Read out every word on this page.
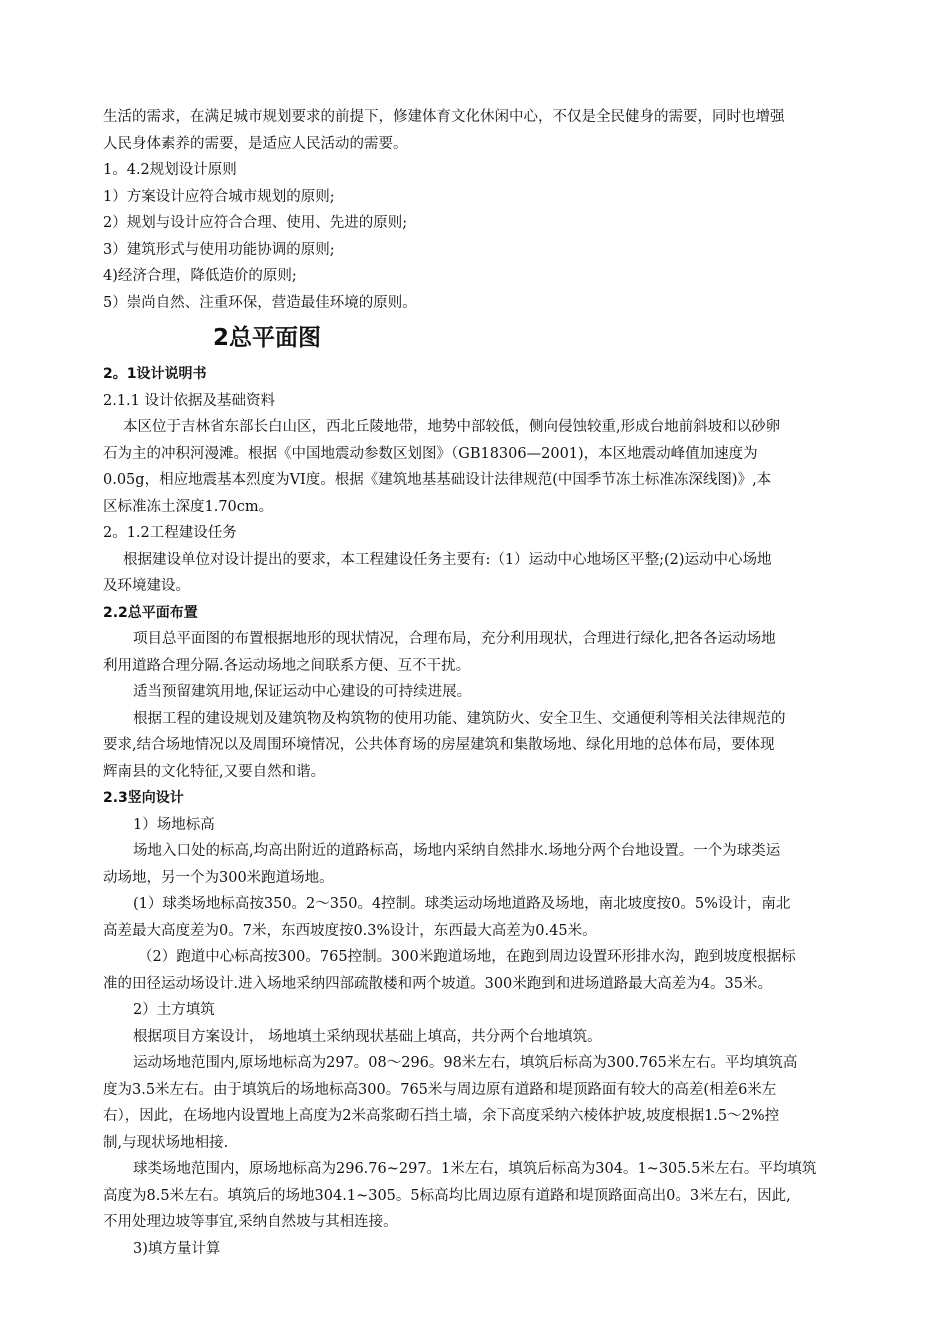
生活的需求，在满足城市规划要求的前提下，修建体育文化休闲中心，不仅是全民健身的需要，同时也增强
人民身体素养的需要，是适应人民活动的需要。
1。4.2规划设计原则
1）方案设计应符合城市规划的原则;
2）规划与设计应符合合理、使用、先进的原则;
3）建筑形式与使用功能协调的原则;
4)经济合理，降低造价的原则;
5）崇尚自然、注重环保，营造最佳环境的原则。
2总平面图
2。1设计说明书
2.1.1 设计依据及基础资料
本区位于吉林省东部长白山区，西北丘陵地带，地势中部较低，侧向侵蚀较重,形成台地前斜坡和以砂卵
石为主的冲积河漫滩。根据《中国地震动参数区划图》（GB18306—2001)，本区地震动峰值加速度为
0.05g，相应地震基本烈度为VI度。根据《建筑地基基础设计法律规范(中国季节冻土标准冻深线图)》,本
区标准冻土深度1.70cm。
2。1.2工程建设任务
根据建设单位对设计提出的要求，本工程建设任务主要有:（1）运动中心地场区平整;(2)运动中心场地
及环境建设。
2.2总平面布置
项目总平面图的布置根据地形的现状情况，合理布局，充分利用现状，合理进行绿化,把各各运动场地
利用道路合理分隔.各运动场地之间联系方便、互不干扰。
适当预留建筑用地,保证运动中心建设的可持续进展。
根据工程的建设规划及建筑物及构筑物的使用功能、建筑防火、安全卫生、交通便利等相关法律规范的
要求,结合场地情况以及周围环境情况，公共体育场的房屋建筑和集散场地、绿化用地的总体布局，要体现
辉南县的文化特征,又要自然和谐。
2.3竖向设计
1）场地标高
场地入口处的标高,均高出附近的道路标高，场地内采纳自然排水.场地分两个台地设置。一个为球类运
动场地，另一个为300米跑道场地。
(1）球类场地标高按350。2～350。4控制。球类运动场地道路及场地，南北坡度按0。5%设计，南北
高差最大高度差为0。7米，东西坡度按0.3%设计，东西最大高差为0.45米。
（2）跑道中心标高按300。765控制。300米跑道场地，在跑到周边设置环形排水沟，跑到坡度根据标
准的田径运动场设计.进入场地采纳四部疏散楼和两个坡道。300米跑到和进场道路最大高差为4。35米。
2）土方填筑
根据项目方案设计， 场地填土采纳现状基础上填高，共分两个台地填筑。
运动场地范围内,原场地标高为297。08～296。98米左右，填筑后标高为300.765米左右。平均填筑高
度为3.5米左右。由于填筑后的场地标高300。765米与周边原有道路和堤顶路面有较大的高差(相差6米左
右），因此，在场地内设置地上高度为2米高浆砌石挡土墙，余下高度采纳六棱体护坡,坡度根据1.5～2%控
制,与现状场地相接.
球类场地范围内，原场地标高为296.76~297。1米左右，填筑后标高为304。1~305.5米左右。平均填筑
高度为8.5米左右。填筑后的场地304.1~305。5标高均比周边原有道路和堤顶路面高出0。3米左右，因此,
不用处理边坡等事宜,采纳自然坡与其相连接。
3)填方量计算
